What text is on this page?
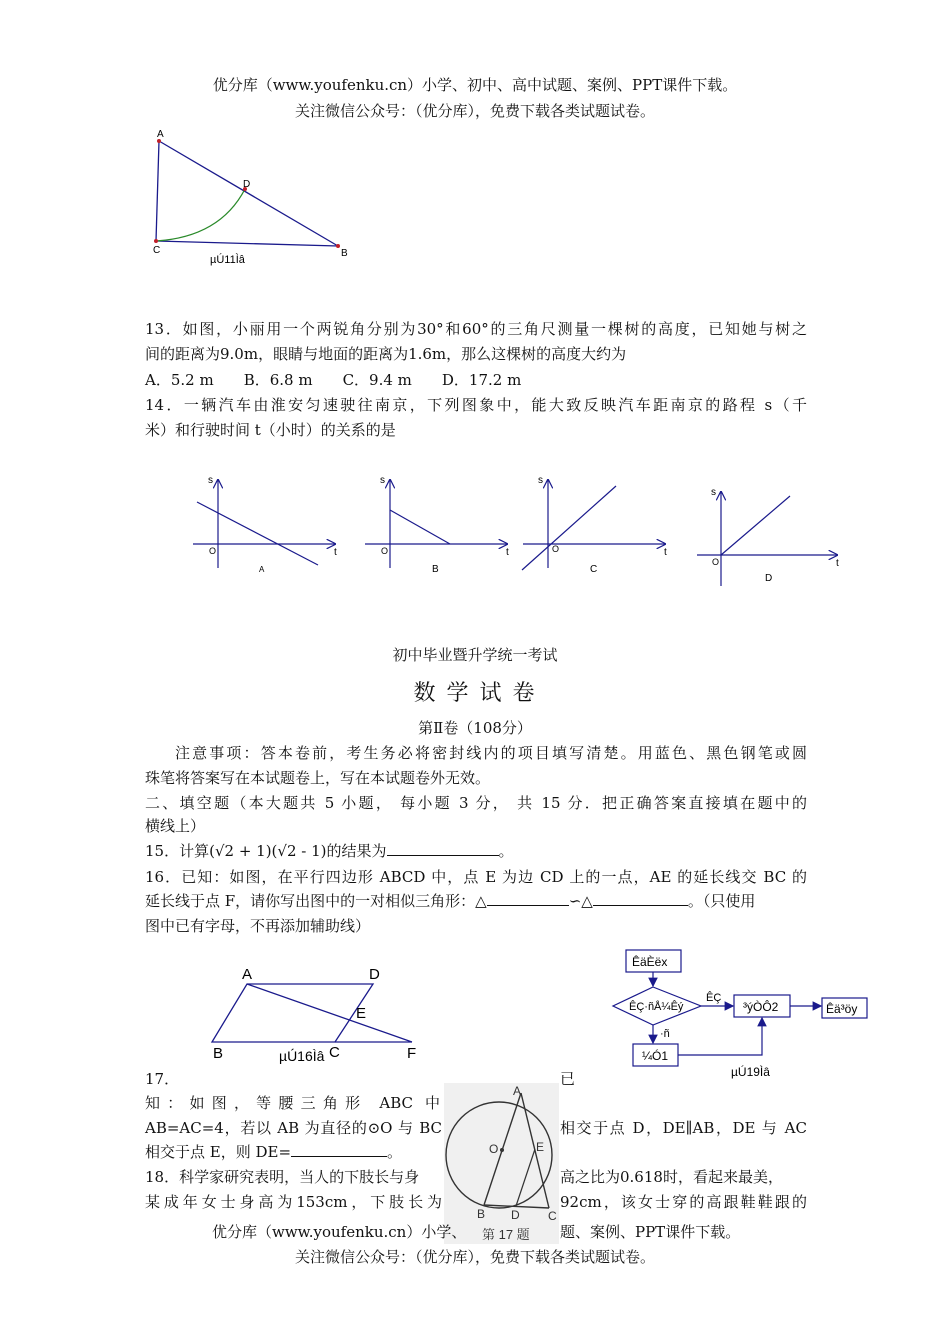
优分库（www.youfenku.cn）小学、初中、高中试题、案例、PPT课件下载。
关注微信公众号：（优分库），免费下载各类试题试卷。
A
D
C	B
µÚ11Ìâ
13．如图，小丽用一个两锐角分别为30°和60°的三角尺测量一棵树的高度，已知她与树之
间的距离为9.0m，眼睛与地面的距离为1.6m，那么这棵树的高度大约为
A．5.2 m B．6.8 m C．9.4 m D．17.2 m
14．一辆汽车由淮安匀速驶往南京，下列图象中，能大致反映汽车距南京的路程 s（千
米）和行驶时间 t（小时）的关系的是
s
t
O
A
s
t
O
B
s
t
O
C
s
t
O
D
初中毕业暨升学统一考试
数 学 试 卷
第Ⅱ卷（108分）
注意事项：答本卷前，考生务必将密封线内的项目填写清楚。用蓝色、黑色钢笔或圆
珠笔将答案写在本试题卷上，写在本试题卷外无效。
二、填空题（本大题共 5 小题， 每小题 3 分， 共 15 分．把正确答案直接填在题中的
横线上）
15．计算(√2 + 1)(√2 - 1)的结果为	。
16．已知：如图，在平行四边形 ABCD 中，点 E 为边 CD 上的一点，AE 的延长线交 BC 的
延长线于点 F，请你写出图中的一对相似三角形：△	∽△	。（只使用
图中已有字母，不再添加辅助线）
A	D
E
B	C	F
µÚ16Ìâ
ÊäÈëx
ÊÇ·ñÅ¼Êý
ÊÇ
³ýÒÔ2	Êä³öy
·ñ
¼Ó1
µÚ19Ìâ
17．	已
知：如图，等腰三角形 ABC 中
AB=AC=4，若以 AB 为直径的⊙O 与 BC	相交于点 D，DE∥AB，DE 与 AC
相交于点 E，则 DE=	。
A
O	E
B D C
第 17 题
18．科学家研究表明，当人的下肢长与身	高之比为0.618时，看起来最美，
某成年女士身高为153cm，下肢长为	92cm，该女士穿的高跟鞋鞋跟的
优分库（www.youfenku.cn）小学、	题、案例、PPT课件下载。
关注微信公众号：（优分库），免费下载各类试题试卷。
